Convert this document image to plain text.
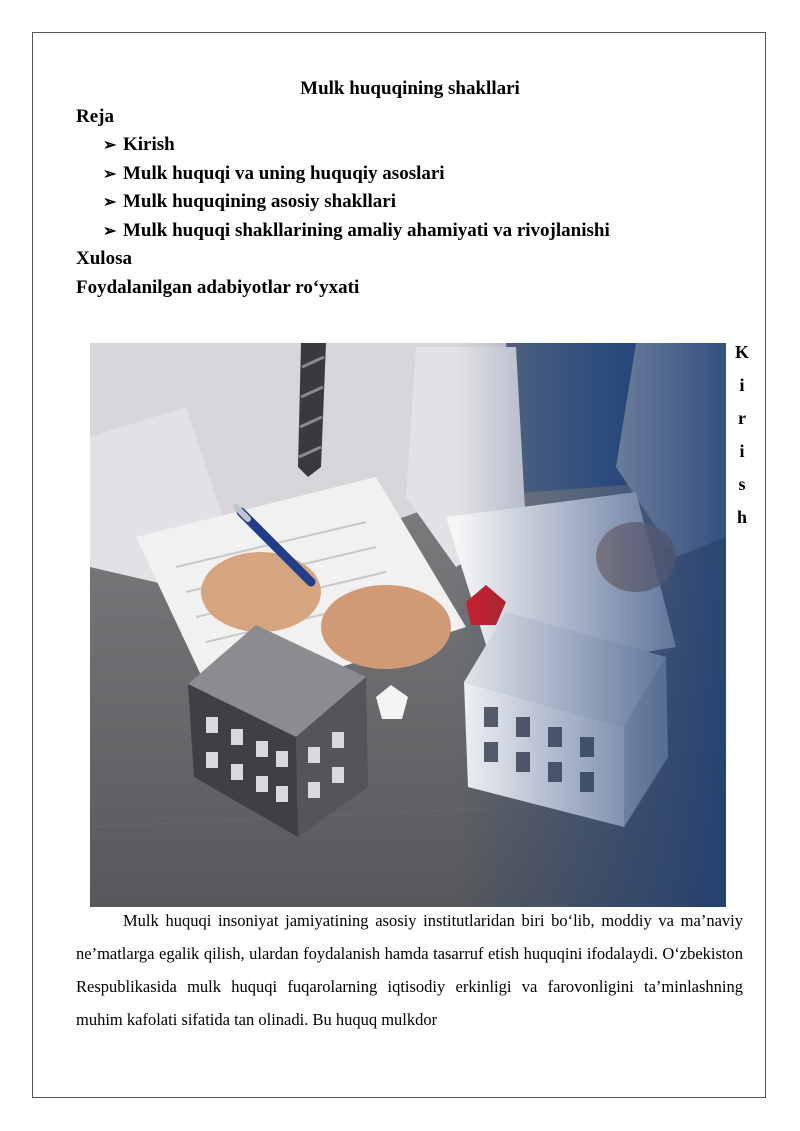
Mulk huquqining shakllari
Reja
➢ Kirish
➢ Mulk huquqi va uning huquqiy asoslari
➢ Mulk huquqining asosiy shakllari
➢ Mulk huquqi shakllarining amaliy ahamiyati va rivojlanishi
Xulosa
Foydalanilgan adabiyotlar ro‘yxati
K
i
r
i
s
h

Mulk huquqi insoniyat jamiyatining asosiy institutlaridan biri bo‘lib, moddiy va ma’naviy ne’matlarga egalik qilish, ulardan foydalanish hamda tasarruf etish huquqini ifodalaydi. O‘zbekiston Respublikasida mulk huquqi fuqarolarning iqtisodiy erkinligi va farovonligini ta’minlashning muhim kafolati sifatida tan olinadi. Bu huquq mulkdor
